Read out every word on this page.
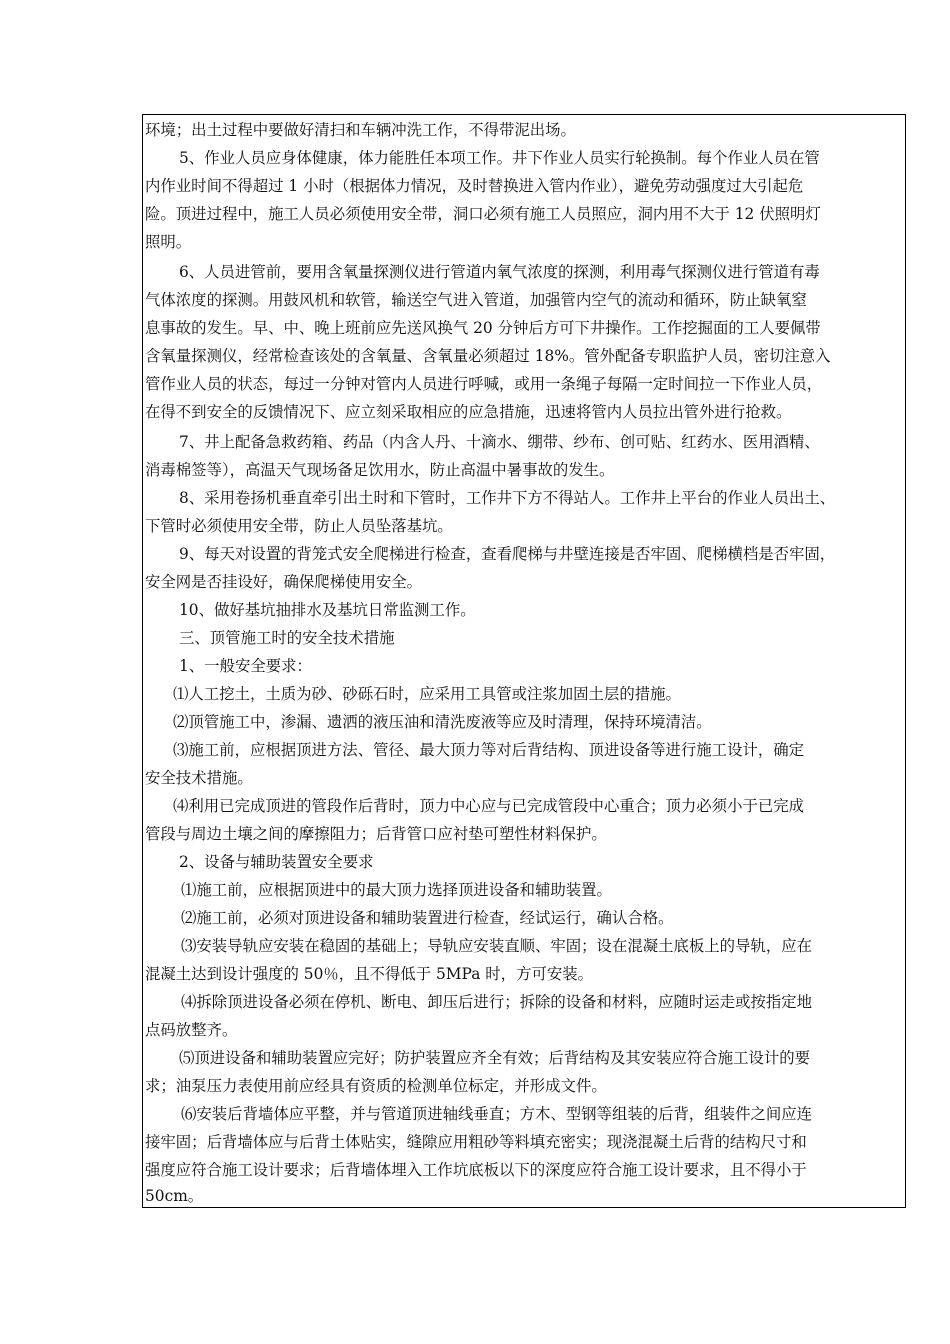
环境；出土过程中要做好清扫和车辆冲洗工作，不得带泥出场。
5、作业人员应身体健康，体力能胜任本项工作。井下作业人员实行轮换制。每个作业人员在管
内作业时间不得超过 1 小时（根据体力情况，及时替换进入管内作业），避免劳动强度过大引起危
险。顶进过程中，施工人员必须使用安全带，洞口必须有施工人员照应，洞内用不大于 12 伏照明灯
照明。
6、人员进管前，要用含氧量探测仪进行管道内氧气浓度的探测，利用毒气探测仪进行管道有毒
气体浓度的探测。用鼓风机和软管，输送空气进入管道，加强管内空气的流动和循环，防止缺氧窒
息事故的发生。早、中、晚上班前应先送风换气 20 分钟后方可下井操作。工作挖掘面的工人要佩带
含氧量探测仪，经常检查该处的含氧量、含氧量必须超过 18%。管外配备专职监护人员，密切注意入
管作业人员的状态，每过一分钟对管内人员进行呼喊，或用一条绳子每隔一定时间拉一下作业人员，
在得不到安全的反馈情况下、应立刻采取相应的应急措施，迅速将管内人员拉出管外进行抢救。
7、井上配备急救药箱、药品（内含人丹、十滴水、绷带、纱布、创可贴、红药水、医用酒精、
消毒棉签等），高温天气现场备足饮用水，防止高温中暑事故的发生。
8、采用卷扬机垂直牵引出土时和下管时，工作井下方不得站人。工作井上平台的作业人员出土、
下管时必须使用安全带，防止人员坠落基坑。
9、每天对设置的背笼式安全爬梯进行检查，查看爬梯与井壁连接是否牢固、爬梯横档是否牢固，
安全网是否挂设好，确保爬梯使用安全。
10、做好基坑抽排水及基坑日常监测工作。
三、顶管施工时的安全技术措施
1、一般安全要求：
⑴人工挖土，土质为砂、砂砾石时，应采用工具管或注浆加固土层的措施。
⑵顶管施工中，渗漏、遗洒的液压油和清洗废液等应及时清理，保持环境清洁。
⑶施工前，应根据顶进方法、管径、最大顶力等对后背结构、顶进设备等进行施工设计，确定
安全技术措施。
⑷利用已完成顶进的管段作后背时，顶力中心应与已完成管段中心重合；顶力必须小于已完成
管段与周边土壤之间的摩擦阻力；后背管口应衬垫可塑性材料保护。
2、设备与辅助装置安全要求
⑴施工前，应根据顶进中的最大顶力选择顶进设备和辅助装置。
⑵施工前，必须对顶进设备和辅助装置进行检查，经试运行，确认合格。
⑶安装导轨应安装在稳固的基础上；导轨应安装直顺、牢固；设在混凝土底板上的导轨，应在
混凝土达到设计强度的 50％，且不得低于 5MPa 时，方可安装。
⑷拆除顶进设备必须在停机、断电、卸压后进行；拆除的设备和材料，应随时运走或按指定地
点码放整齐。
⑸顶进设备和辅助装置应完好；防护装置应齐全有效；后背结构及其安装应符合施工设计的要
求；油泵压力表使用前应经具有资质的检测单位标定，并形成文件。
⑹安装后背墙体应平整，并与管道顶进轴线垂直；方木、型钢等组装的后背，组装件之间应连
接牢固；后背墙体应与后背土体贴实，缝隙应用粗砂等料填充密实；现浇混凝土后背的结构尺寸和
强度应符合施工设计要求；后背墙体埋入工作坑底板以下的深度应符合施工设计要求，且不得小于
50cm。
